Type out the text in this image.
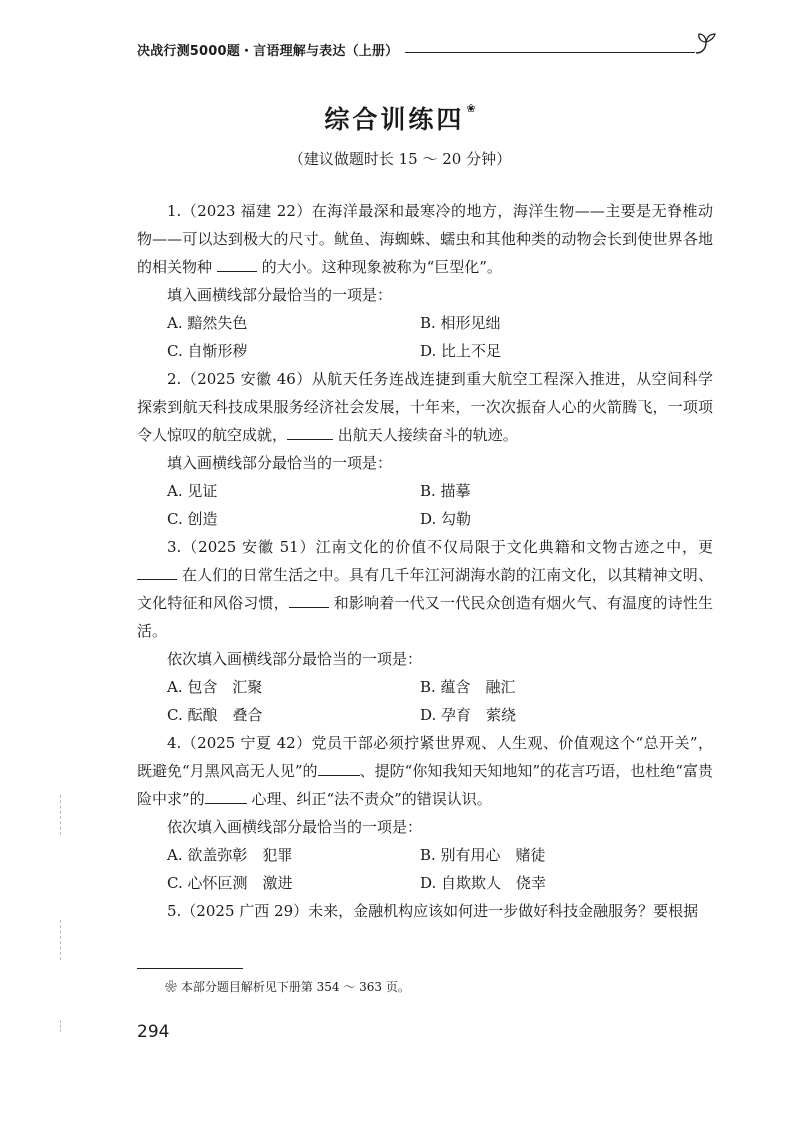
决战行测5000题・言语理解与表达（上册）
综合训练四 ❀
（建议做题时长 15 ～ 20 分钟）

1.（2023 福建 22）在海洋最深和最寒冷的地方，海洋生物——主要是无脊椎动物——可以达到极大的尺寸。鱿鱼、海蜘蛛、蠕虫和其他种类的动物会长到使世界各地的相关物种	的大小。这种现象被称为“巨型化”。

填入画横线部分最恰当的一项是：

A. 黯然失色	B. 相形见绌
C. 自惭形秽	D. 比上不足

2.（2025 安徽 46）从航天任务连战连捷到重大航空工程深入推进，从空间科学探索到航天科技成果服务经济社会发展，十年来，一次次振奋人心的火箭腾飞，一项项令人惊叹的航空成就，	出航天人接续奋斗的轨迹。

填入画横线部分最恰当的一项是：

A. 见证	B. 描摹
C. 创造	D. 勾勒

3.（2025 安徽 51）江南文化的价值不仅局限于文化典籍和文物古迹之中，更 在人们的日常生活之中。具有几千年江河湖海水韵的江南文化，以其精神文明、文化特征和风俗习惯，	和影响着一代又一代民众创造有烟火气、有温度的诗性生活。

依次填入画横线部分最恰当的一项是：

A. 包含　汇聚	B. 蕴含　融汇
C. 酝酿　叠合	D. 孕育　萦绕

4.（2025 宁夏 42）党员干部必须拧紧世界观、人生观、价值观这个“总开关”，既避免“月黑风高无人见”的	、提防“你知我知天知地知”的花言巧语，也杜绝“富贵险中求”的	心理、纠正“法不责众”的错误认识。

依次填入画横线部分最恰当的一项是：

A. 欲盖弥彰　犯罪	B. 别有用心　赌徒
C. 心怀叵测　激进	D. 自欺欺人　侥幸

5.（2025 广西 29）未来，金融机构应该如何进一步做好科技金融服务？要根据

❀ 本部分题目解析见下册第 354 ～ 363 页。
294
